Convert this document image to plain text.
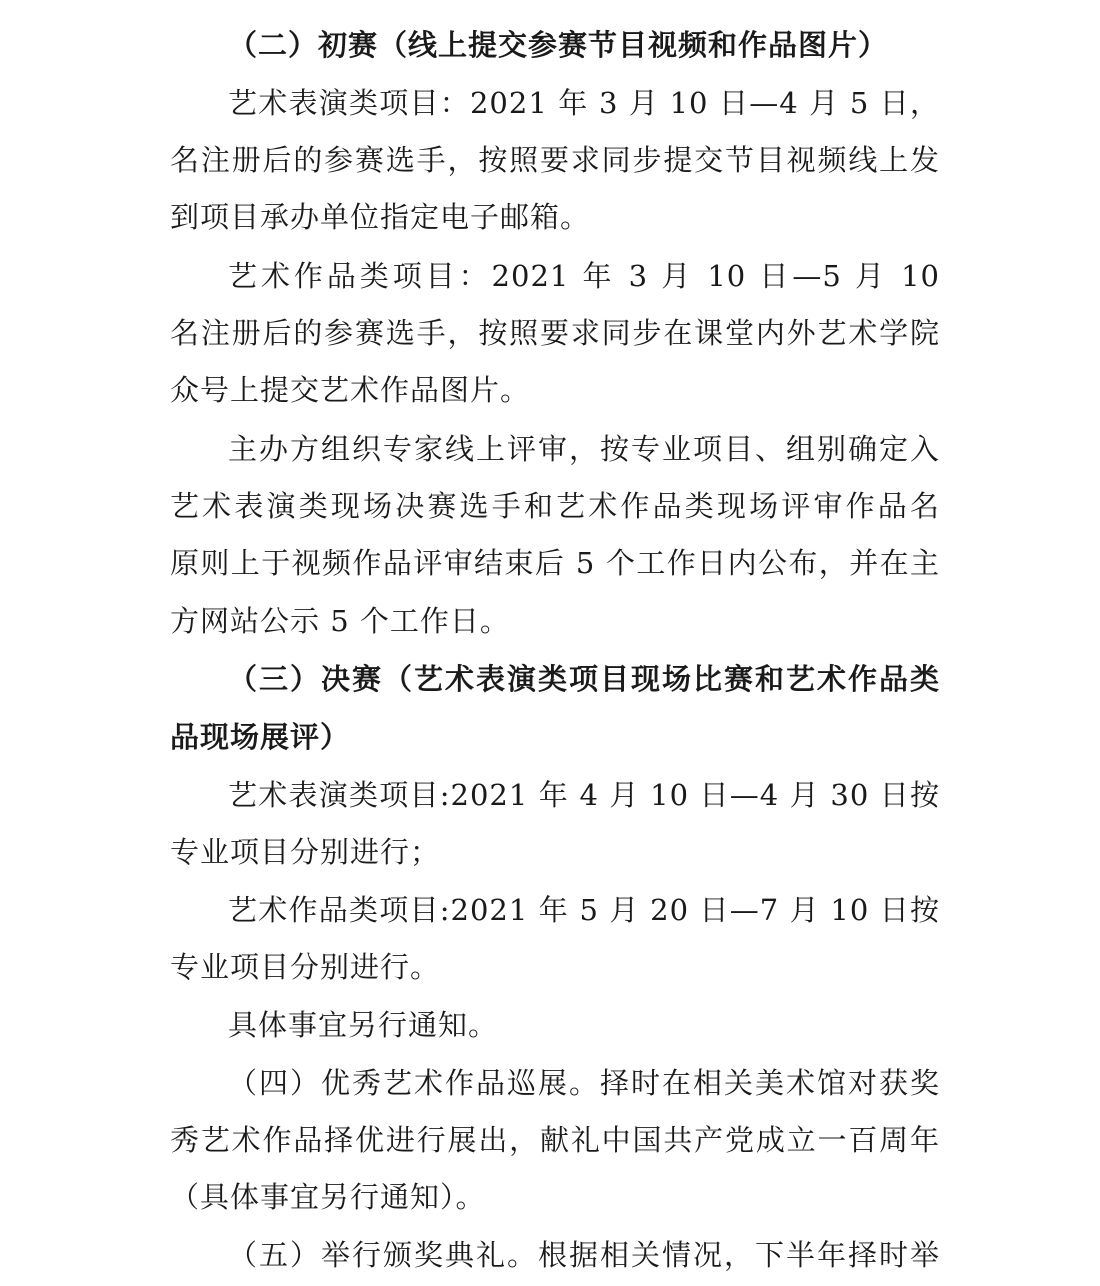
（二）初赛（线上提交参赛节目视频和作品图片）
艺术表演类项目：2021 年 3 月 10 日—4 月 5 日，
名注册后的参赛选手，按照要求同步提交节目视频线上发
到项目承办单位指定电子邮箱。
艺术作品类项目：2021 年 3 月 10 日—5 月 10
名注册后的参赛选手，按照要求同步在课堂内外艺术学院
众号上提交艺术作品图片。
主办方组织专家线上评审，按专业项目、组别确定入
艺术表演类现场决赛选手和艺术作品类现场评审作品名
原则上于视频作品评审结束后 5 个工作日内公布，并在主
方网站公示 5 个工作日。
（三）决赛（艺术表演类项目现场比赛和艺术作品类
品现场展评）
艺术表演类项目:2021 年 4 月 10 日—4 月 30 日按
专业项目分别进行；
艺术作品类项目:2021 年 5 月 20 日—7 月 10 日按
专业项目分别进行。
具体事宜另行通知。
（四）优秀艺术作品巡展。择时在相关美术馆对获奖
秀艺术作品择优进行展出，献礼中国共产党成立一百周年
（具体事宜另行通知）。
（五）举行颁奖典礼。根据相关情况，下半年择时举
